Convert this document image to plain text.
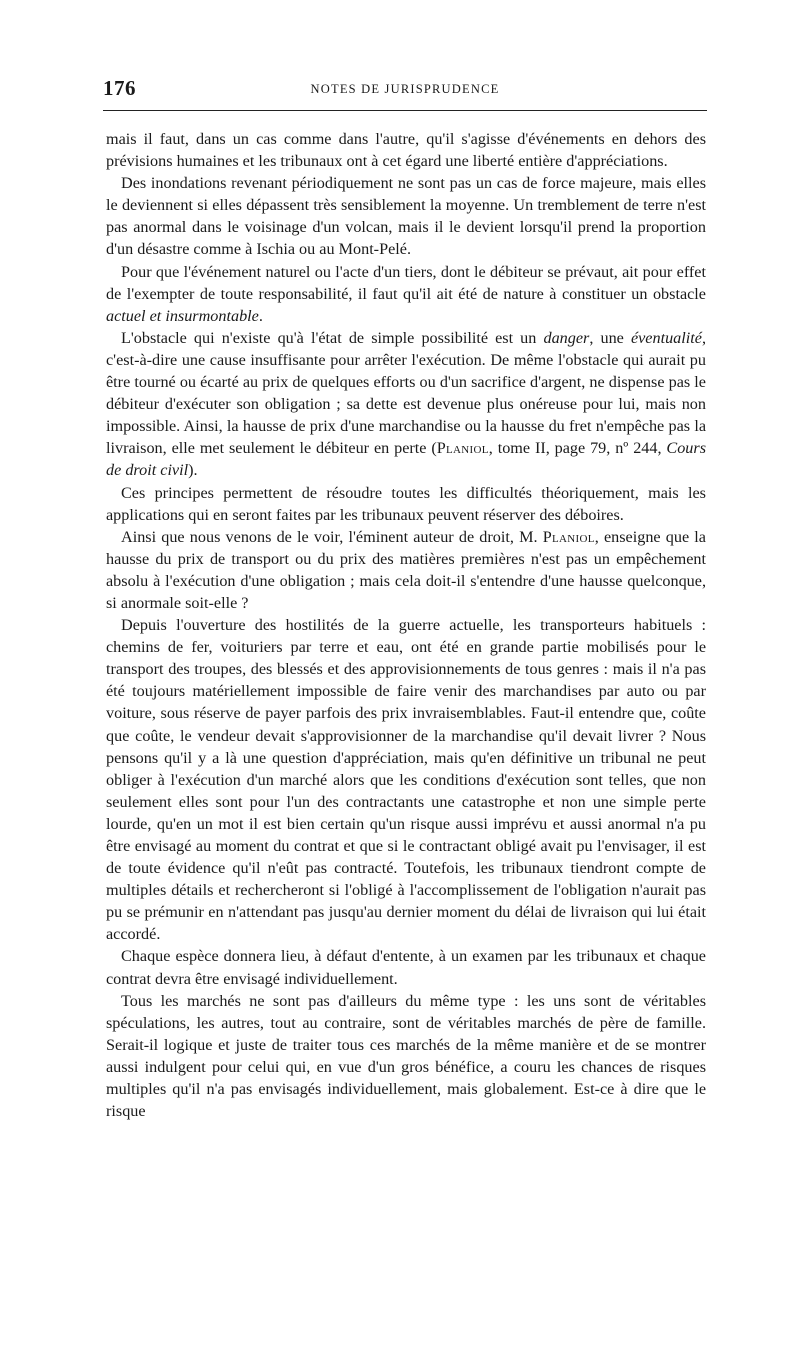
176	NOTES DE JURISPRUDENCE

mais il faut, dans un cas comme dans l'autre, qu'il s'agisse d'événements en dehors des prévisions humaines et les tribunaux ont à cet égard une liberté entière d'appréciations.

Des inondations revenant périodiquement ne sont pas un cas de force majeure, mais elles le deviennent si elles dépassent très sensiblement la moyenne. Un tremblement de terre n'est pas anormal dans le voisinage d'un volcan, mais il le devient lorsqu'il prend la proportion d'un désastre comme à Ischia ou au Mont-Pelé.

Pour que l'événement naturel ou l'acte d'un tiers, dont le débiteur se prévaut, ait pour effet de l'exempter de toute responsabilité, il faut qu'il ait été de nature à constituer un obstacle actuel et insurmontable.

L'obstacle qui n'existe qu'à l'état de simple possibilité est un danger, une éventualité, c'est-à-dire une cause insuffisante pour arrêter l'exécution. De même l'obstacle qui aurait pu être tourné ou écarté au prix de quelques efforts ou d'un sacrifice d'argent, ne dispense pas le débiteur d'exécuter son obligation ; sa dette est devenue plus onéreuse pour lui, mais non impossible. Ainsi, la hausse de prix d'une marchandise ou la hausse du fret n'empêche pas la livraison, elle met seulement le débiteur en perte (Planiol, tome II, page 79, nº 244, Cours de droit civil).

Ces principes permettent de résoudre toutes les difficultés théoriquement, mais les applications qui en seront faites par les tribunaux peuvent réserver des déboires.

Ainsi que nous venons de le voir, l'éminent auteur de droit, M. Planiol, enseigne que la hausse du prix de transport ou du prix des matières premières n'est pas un empêchement absolu à l'exécution d'une obligation ; mais cela doit-il s'entendre d'une hausse quelconque, si anormale soit-elle ?

Depuis l'ouverture des hostilités de la guerre actuelle, les transporteurs habituels : chemins de fer, voituriers par terre et eau, ont été en grande partie mobilisés pour le transport des troupes, des blessés et des approvisionnements de tous genres : mais il n'a pas été toujours matériellement impossible de faire venir des marchandises par auto ou par voiture, sous réserve de payer parfois des prix invraisemblables. Faut-il entendre que, coûte que coûte, le vendeur devait s'approvisionner de la marchandise qu'il devait livrer ? Nous pensons qu'il y a là une question d'appréciation, mais qu'en définitive un tribunal ne peut obliger à l'exécution d'un marché alors que les conditions d'exécution sont telles, que non seulement elles sont pour l'un des contractants une catastrophe et non une simple perte lourde, qu'en un mot il est bien certain qu'un risque aussi imprévu et aussi anormal n'a pu être envisagé au moment du contrat et que si le contractant obligé avait pu l'envisager, il est de toute évidence qu'il n'eût pas contracté. Toutefois, les tribunaux tiendront compte de multiples détails et rechercheront si l'obligé à l'accomplissement de l'obligation n'aurait pas pu se prémunir en n'attendant pas jusqu'au dernier moment du délai de livraison qui lui était accordé.

Chaque espèce donnera lieu, à défaut d'entente, à un examen par les tribunaux et chaque contrat devra être envisagé individuellement.

Tous les marchés ne sont pas d'ailleurs du même type : les uns sont de véritables spéculations, les autres, tout au contraire, sont de véritables marchés de père de famille. Serait-il logique et juste de traiter tous ces marchés de la même manière et de se montrer aussi indulgent pour celui qui, en vue d'un gros bénéfice, a couru les chances de risques multiples qu'il n'a pas envisagés individuellement, mais globalement. Est-ce à dire que le risque
